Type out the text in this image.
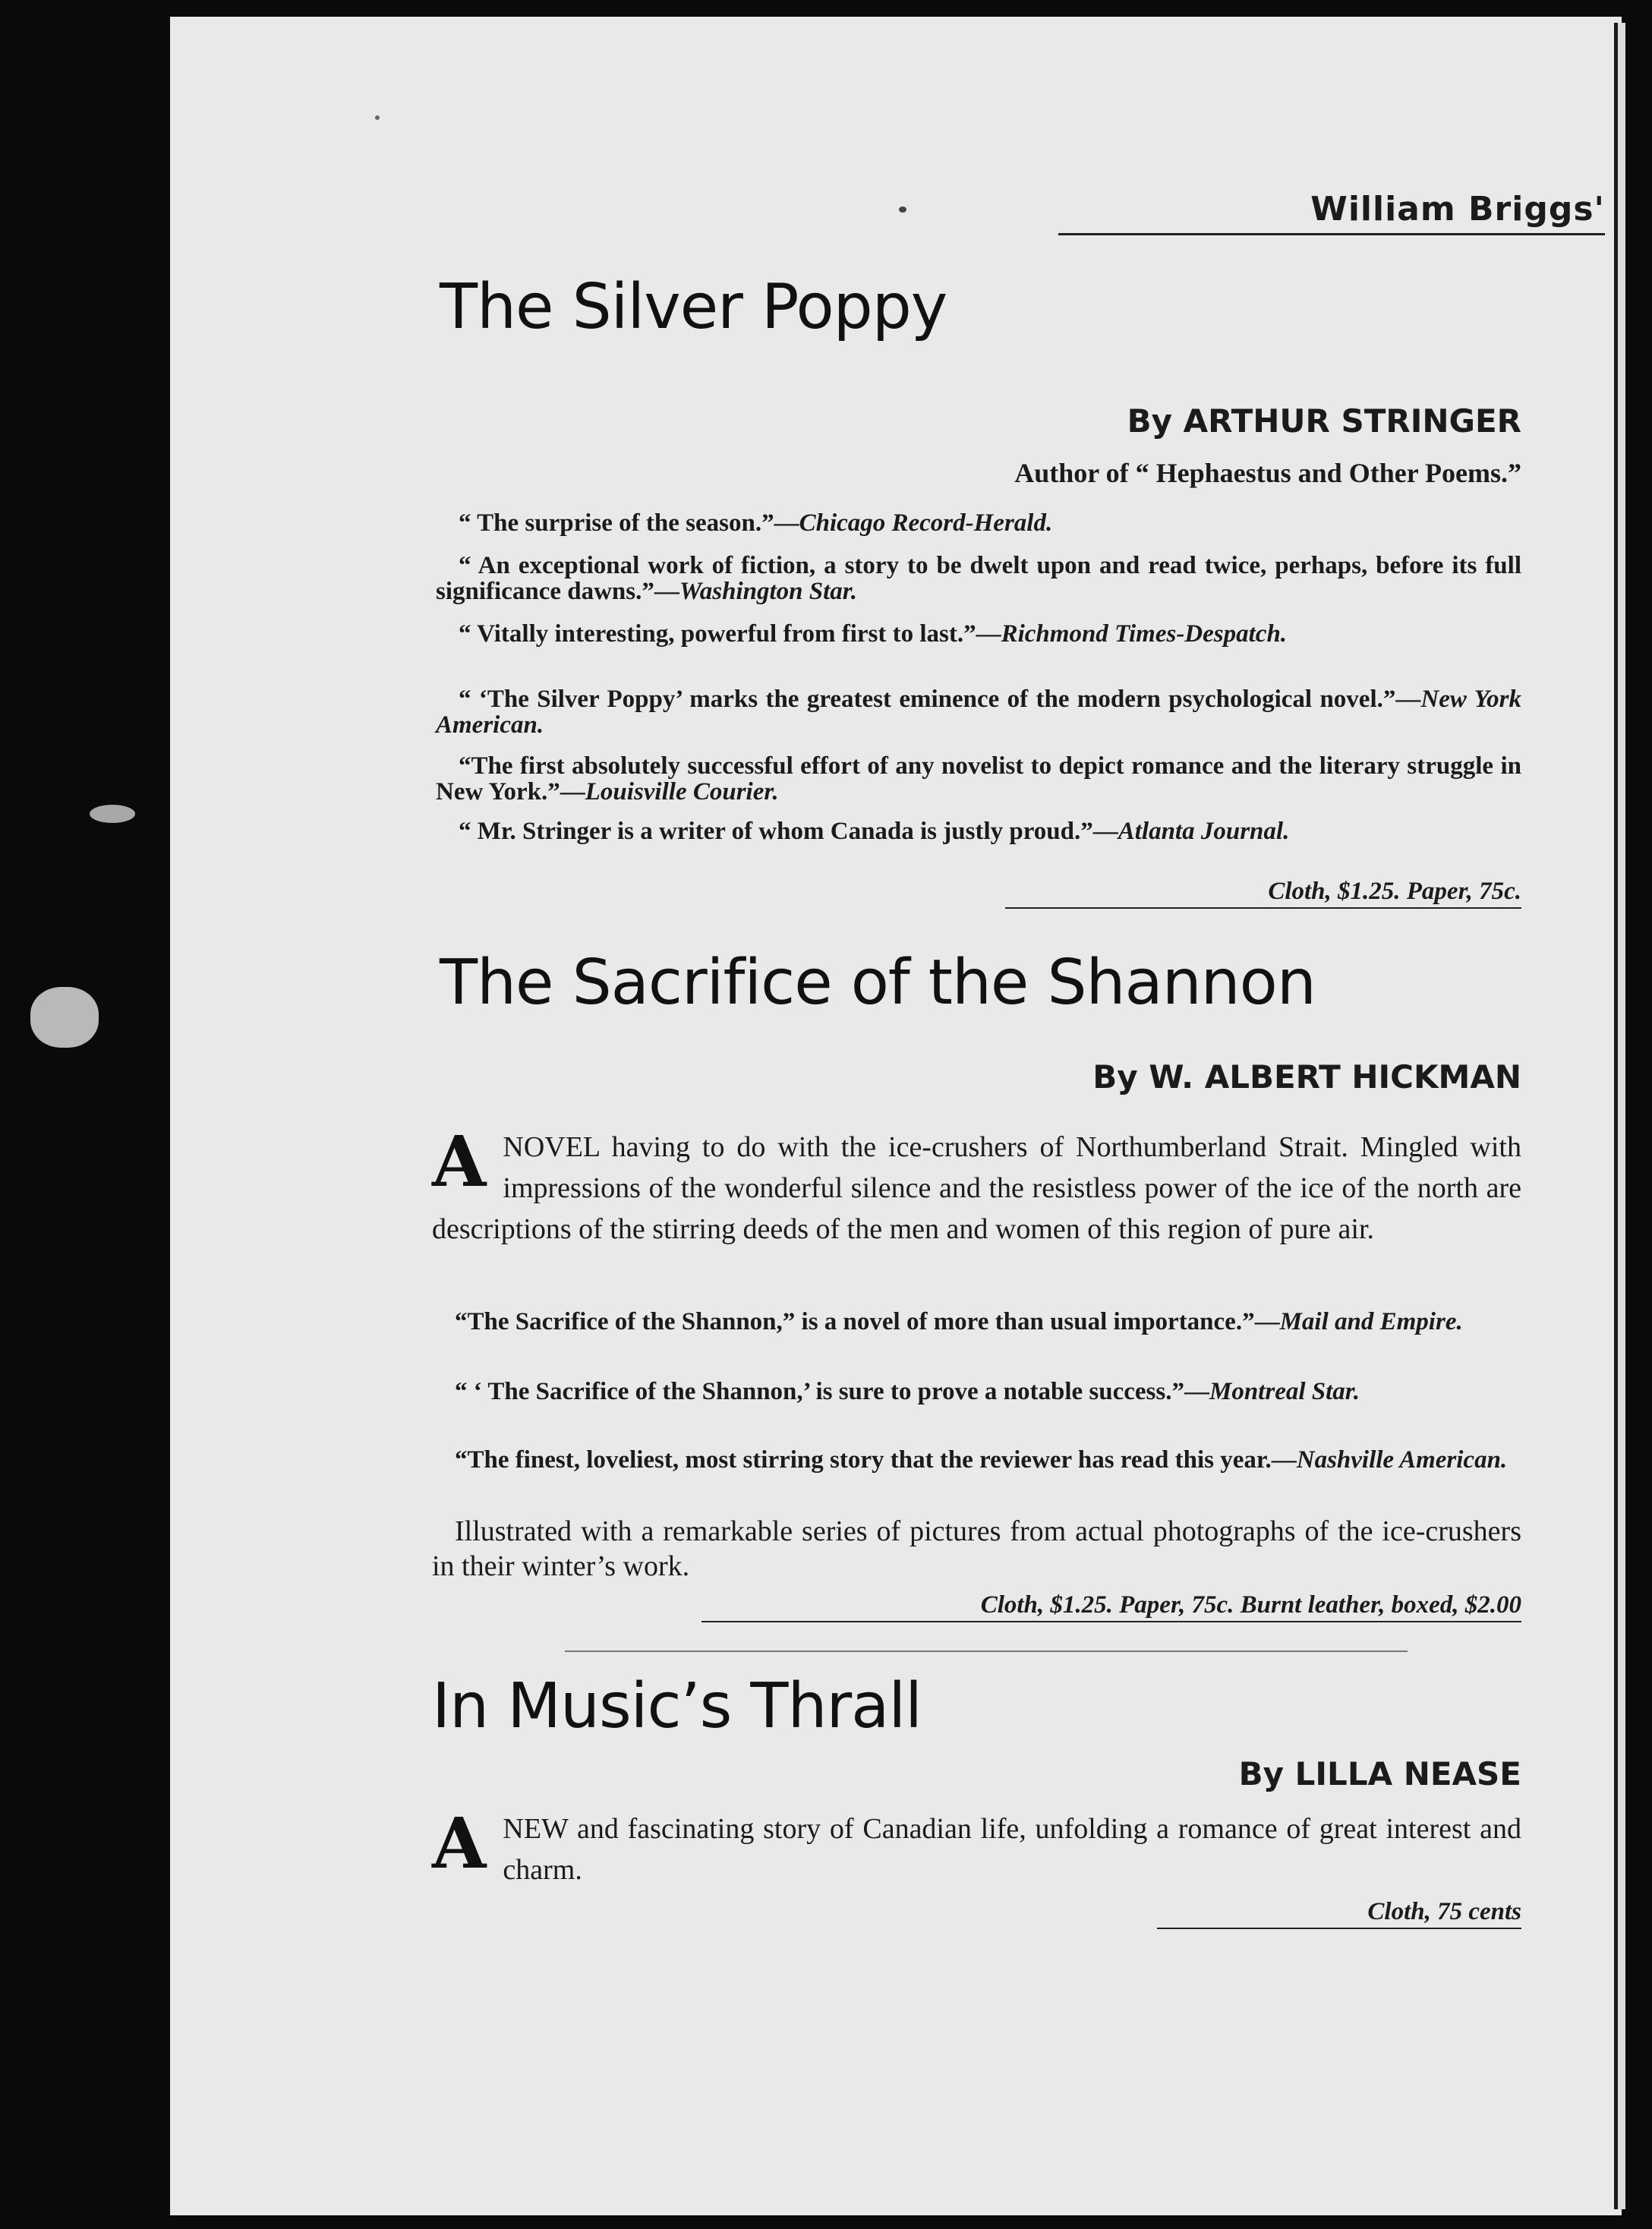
William Briggs'
The Silver Poppy
By ARTHUR STRINGER
Author of “ Hephaestus and Other Poems.”
“ The surprise of the season.”—Chicago Record-Herald.
“ An exceptional work of fiction, a story to be dwelt upon and read twice, perhaps, before its full significance dawns.”—Washington Star.
“ Vitally interesting, powerful from first to last.”—Richmond Times-Despatch.
“ ‘The Silver Poppy’ marks the greatest eminence of the modern psychological novel.”—New York American.
“The first absolutely successful effort of any novelist to depict romance and the literary struggle in New York.”—Louisville Courier.
“ Mr. Stringer is a writer of whom Canada is justly proud.”—Atlanta Journal.
Cloth, $1.25. Paper, 75c.
The Sacrifice of the Shannon
By W. ALBERT HICKMAN
ANOVEL having to do with the ice-crushers of Northumberland Strait. Mingled with impressions of the wonderful silence and the resistless power of the ice of the north are descriptions of the stirring deeds of the men and women of this region of pure air.
“The Sacrifice of the Shannon,” is a novel of more than usual importance.”—Mail and Empire.
“ ‘ The Sacrifice of the Shannon,’ is sure to prove a notable success.”—Montreal Star.
“The finest, loveliest, most stirring story that the reviewer has read this year.—Nashville American.
Illustrated with a remarkable series of pictures from actual photographs of the ice-crushers in their winter’s work.
Cloth, $1.25. Paper, 75c. Burnt leather, boxed, $2.00
In Music’s Thrall
By LILLA NEASE
ANEW and fascinating story of Canadian life, unfolding a romance of great interest and charm.
Cloth, 75 cents
